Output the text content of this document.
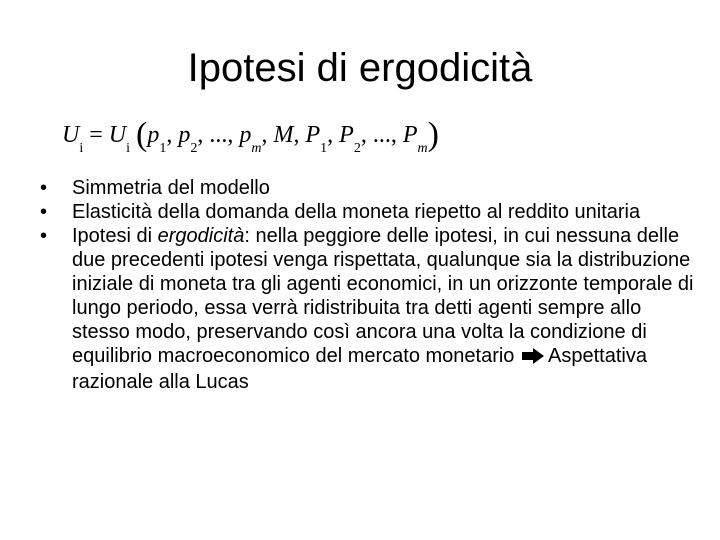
Ipotesi di ergodicità
$U_i = U_i$ ($p_1$, $p_2$, ..., $p_m$, M, $P_1$, $P_2$, ..., $P_m$)
•	Simmetria del modello
•	Elasticità della domanda della moneta riepetto al reddito unitaria
•	Ipotesi di ergodicità: nella peggiore delle ipotesi, in cui nessuna delle due precedenti ipotesi venga rispettata, qualunque sia la distribuzione iniziale di moneta tra gli agenti economici, in un orizzonte temporale di lungo periodo, essa verrà ridistribuita tra detti agenti sempre allo stesso modo, preservando così ancora una volta la condizione di equilibrio macroeconomico del mercato monetario Aspettativa razionale alla Lucas
